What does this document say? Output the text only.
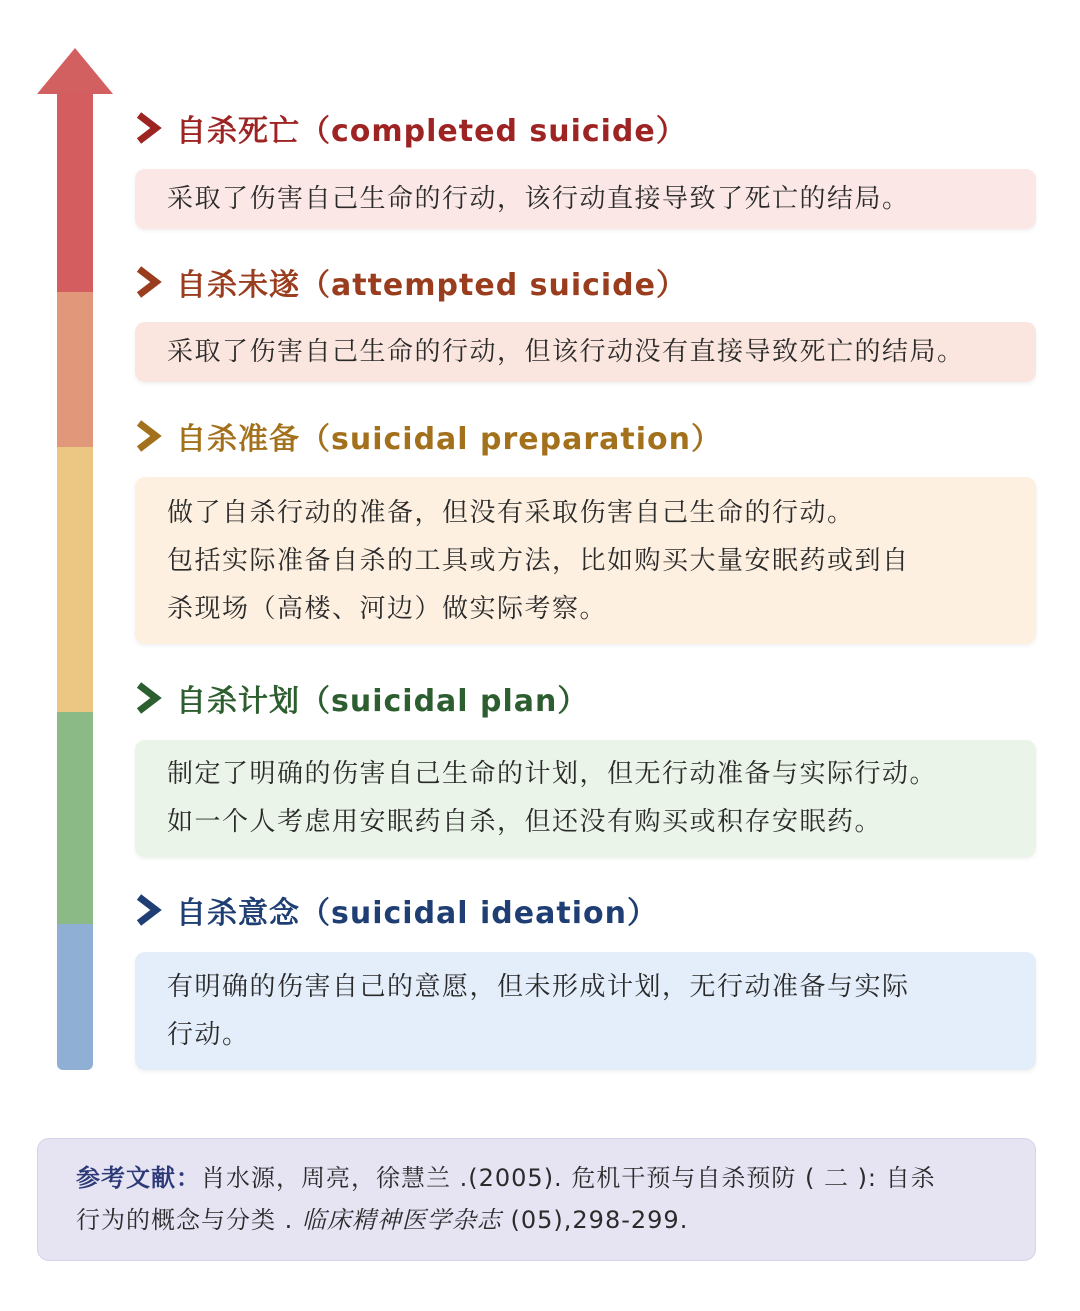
自杀死亡（completed suicide）

采取了伤害自己生命的行动，该行动直接导致了死亡的结局。

自杀未遂（attempted suicide）

采取了伤害自己生命的行动，但该行动没有直接导致死亡的结局。

自杀准备（suicidal preparation）

做了自杀行动的准备，但没有采取伤害自己生命的行动。

包括实际准备自杀的工具或方法，比如购买大量安眠药或到自

杀现场（高楼、河边）做实际考察。

自杀计划（suicidal plan）

制定了明确的伤害自己生命的计划，但无行动准备与实际行动。

如一个人考虑用安眠药自杀，但还没有购买或积存安眠药。

自杀意念（suicidal ideation）

有明确的伤害自己的意愿，但未形成计划，无行动准备与实际

行动。

参考文献：肖水源，周亮，徐慧兰 .(2005). 危机干预与自杀预防 ( 二 ): 自杀
行为的概念与分类 . 临床精神医学杂志 (05),298-299.
